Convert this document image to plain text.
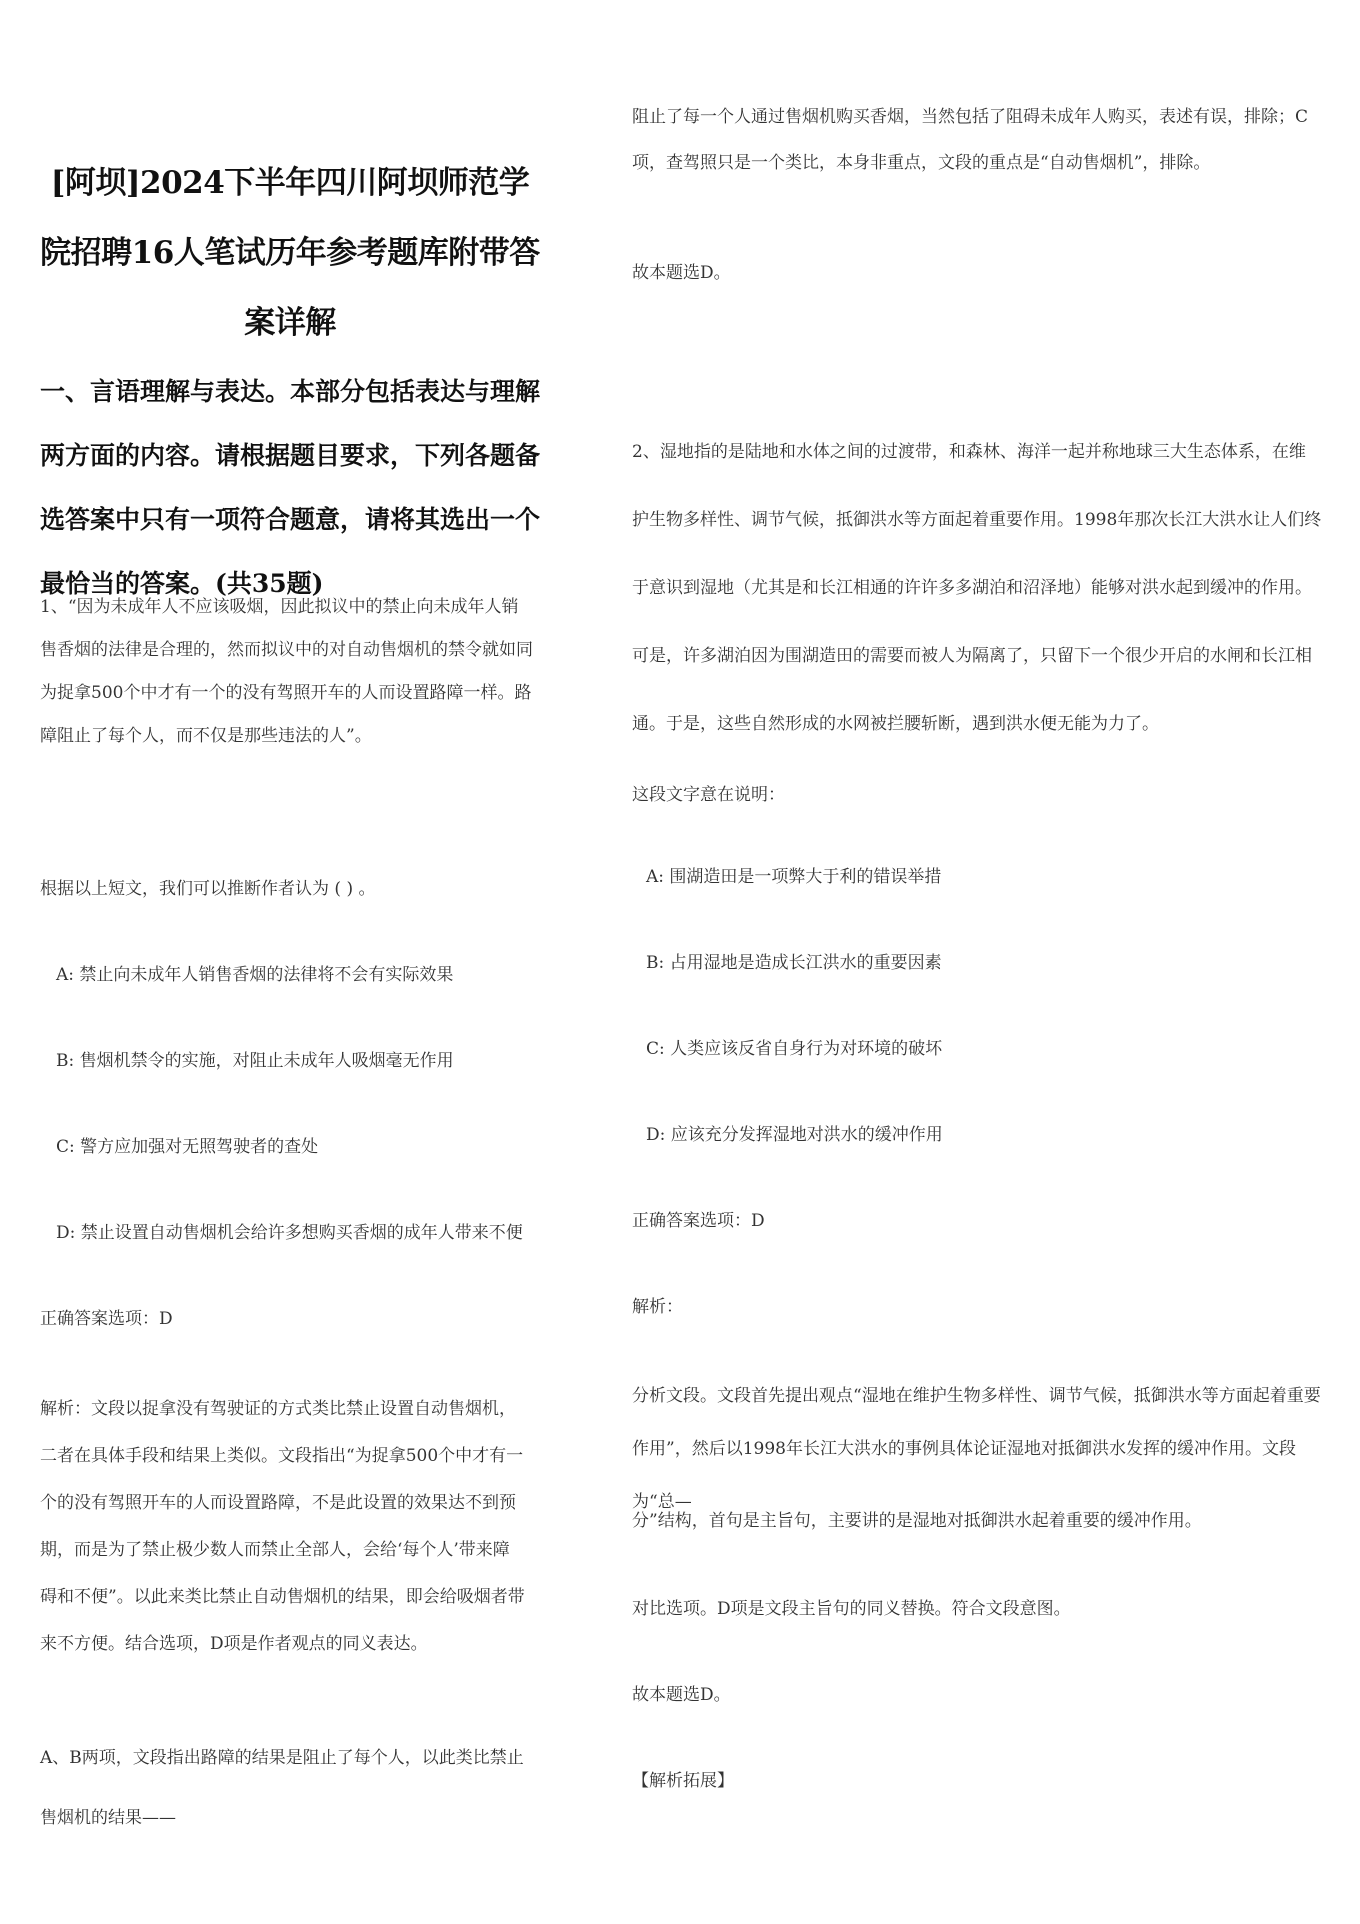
[阿坝]2024下半年四川阿坝师范学院招聘16人笔试历年参考题库附带答案详解
一、言语理解与表达。本部分包括表达与理解两方面的内容。请根据题目要求，下列各题备选答案中只有一项符合题意，请将其选出一个最恰当的答案。(共35题)
1、“因为未成年人不应该吸烟，因此拟议中的禁止向未成年人销售香烟的法律是合理的，然而拟议中的对自动售烟机的禁令就如同为捉拿500个中才有一个的没有驾照开车的人而设置路障一样。路障阻止了每个人，而不仅是那些违法的人”。
根据以上短文，我们可以推断作者认为 ( ) 。
A: 禁止向未成年人销售香烟的法律将不会有实际效果
B: 售烟机禁令的实施，对阻止未成年人吸烟毫无作用
C: 警方应加强对无照驾驶者的查处
D: 禁止设置自动售烟机会给许多想购买香烟的成年人带来不便
正确答案选项：D
解析：文段以捉拿没有驾驶证的方式类比禁止设置自动售烟机，二者在具体手段和结果上类似。文段指出“为捉拿500个中才有一个的没有驾照开车的人而设置路障，不是此设置的效果达不到预期，而是为了禁止极少数人而禁止全部人，会给‘每个人’带来障碍和不便”。以此来类比禁止自动售烟机的结果，即会给吸烟者带来不方便。结合选项，D项是作者观点的同义表达。
A、B两项，文段指出路障的结果是阻止了每个人，以此类比禁止售烟机的结果——
阻止了每一个人通过售烟机购买香烟，当然包括了阻碍未成年人购买，表述有误，排除；C项，查驾照只是一个类比，本身非重点，文段的重点是“自动售烟机”，排除。
故本题选D。
2、湿地指的是陆地和水体之间的过渡带，和森林、海洋一起并称地球三大生态体系，在维护生物多样性、调节气候，抵御洪水等方面起着重要作用。1998年那次长江大洪水让人们终于意识到湿地（尤其是和长江相通的许许多多湖泊和沼泽地）能够对洪水起到缓冲的作用。可是，许多湖泊因为围湖造田的需要而被人为隔离了，只留下一个很少开启的水闸和长江相通。于是，这些自然形成的水网被拦腰斩断，遇到洪水便无能为力了。
这段文字意在说明：
A: 围湖造田是一项弊大于利的错误举措
B: 占用湿地是造成长江洪水的重要因素
C: 人类应该反省自身行为对环境的破坏
D: 应该充分发挥湿地对洪水的缓冲作用
正确答案选项：D
解析：
分析文段。文段首先提出观点“湿地在维护生物多样性、调节气候，抵御洪水等方面起着重要作用”，然后以1998年长江大洪水的事例具体论证湿地对抵御洪水发挥的缓冲作用。文段为“总—
分”结构，首句是主旨句，主要讲的是湿地对抵御洪水起着重要的缓冲作用。
对比选项。D项是文段主旨句的同义替换。符合文段意图。
故本题选D。
【解析拓展】
